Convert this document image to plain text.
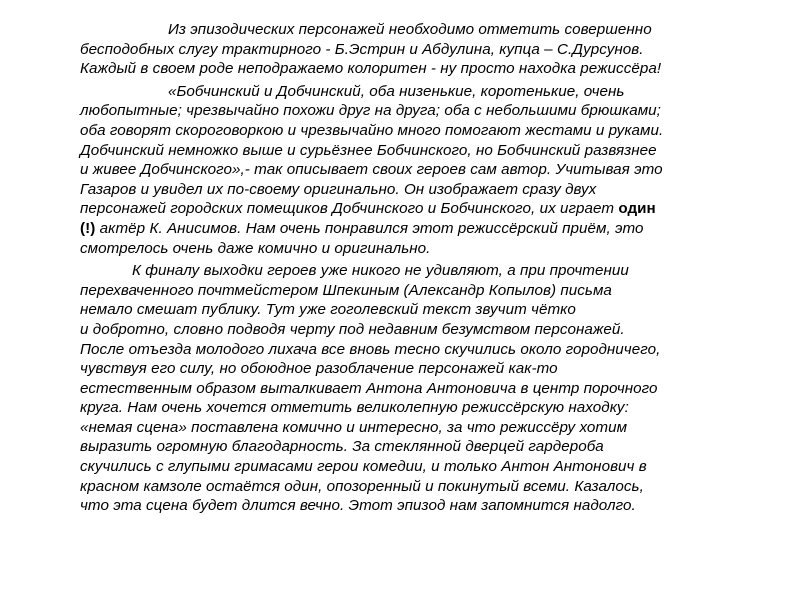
Из эпизодических персонажей необходимо отметить совершенно
бесподобных слугу трактирного - Б.Эстрин и Абдулина, купца – С.Дурсунов.
Каждый в своем роде неподражаемо колоритен - ну просто находка режиссёра!

«Бобчинский и Добчинский, оба низенькие, коротенькие, очень
любопытные; чрезвычайно похожи друг на друга; оба с небольшими брюшками;
оба говорят скороговоркою и чрезвычайно много помогают жестами и руками.
Добчинский немножко выше и сурьёзнее Бобчинского, но Бобчинский развязнее
и живее Добчинского»,- так описывает своих героев сам автор. Учитывая это
Газаров и увидел их по-своему оригинально. Он изображает сразу двух
персонажей городских помещиков Добчинского и Бобчинского, их играет один
(!) актёр К. Анисимов. Нам очень понравился этот режиссёрский приём, это
смотрелось очень даже комично и оригинально.

К финалу выходки героев уже никого не удивляют, а при прочтении
перехваченного почтмейстером Шпекиным (Александр Копылов) письма
немало смешат публику. Тут уже гоголевский текст звучит чётко
и добротно, словно подводя черту под недавним безумством персонажей.
После отъезда молодого лихача все вновь тесно скучились около городничего,
чувствуя его силу, но обоюдное разоблачение персонажей как-то
естественным образом выталкивает Антона Антоновича в центр порочного
круга. Нам очень хочется отметить великолепную режиссёрскую находку:
«немая сцена» поставлена комично и интересно, за что режиссёру хотим
выразить огромную благодарность. За стеклянной дверцей гардероба
скучились с глупыми гримасами герои комедии, и только Антон Антонович в
красном камзоле остаётся один, опозоренный и покинутый всеми. Казалось,
что эта сцена будет длится вечно. Этот эпизод нам запомнится надолго.
